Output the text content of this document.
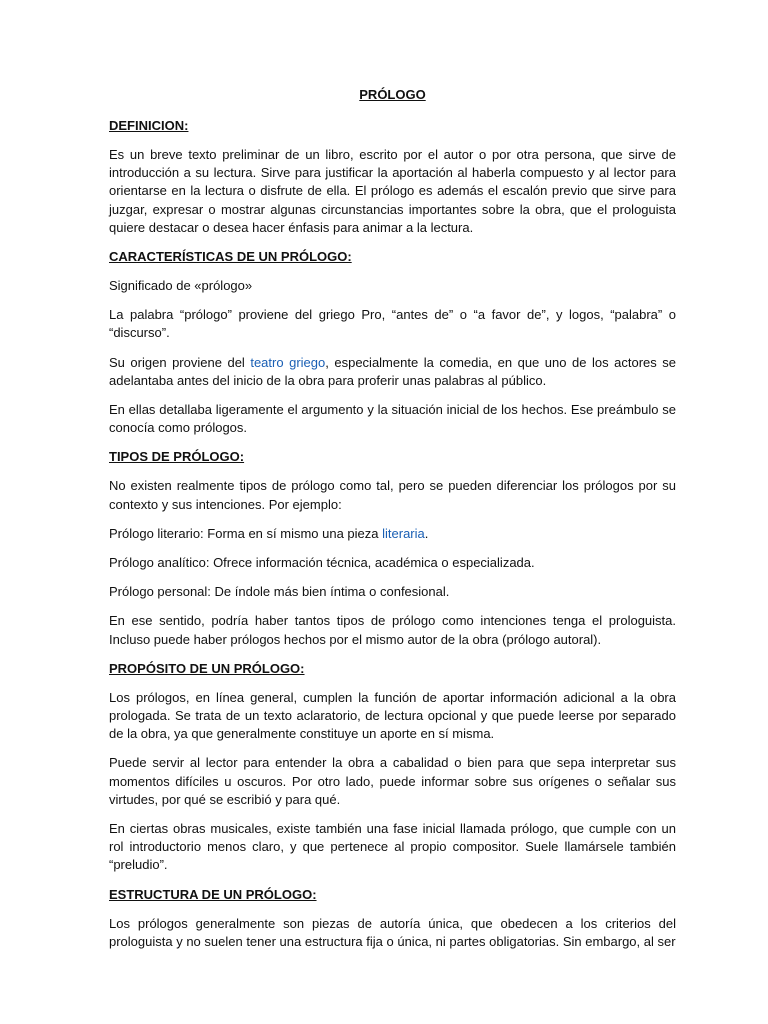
PRÓLOGO
DEFINICION:

Es un breve texto preliminar de un libro, escrito por el autor o por otra persona, que sirve de introducción a su lectura. Sirve para justificar la aportación al haberla compuesto y al lector para orientarse en la lectura o disfrute de ella. El prólogo es además el escalón previo que sirve para juzgar, expresar o mostrar algunas circunstancias importantes sobre la obra, que el prologuista quiere destacar o desea hacer énfasis para animar a la lectura.

CARACTERÍSTICAS DE UN PRÓLOGO:

Significado de «prólogo»

La palabra “prólogo” proviene del griego Pro, “antes de” o “a favor de”, y logos, “palabra” o “discurso”.

Su origen proviene del teatro griego, especialmente la comedia, en que uno de los actores se adelantaba antes del inicio de la obra para proferir unas palabras al público.

En ellas detallaba ligeramente el argumento y la situación inicial de los hechos. Ese preámbulo se conocía como prólogos.

TIPOS DE PRÓLOGO:

No existen realmente tipos de prólogo como tal, pero se pueden diferenciar los prólogos por su contexto y sus intenciones. Por ejemplo:

Prólogo literario: Forma en sí mismo una pieza literaria.

Prólogo analítico: Ofrece información técnica, académica o especializada.

Prólogo personal: De índole más bien íntima o confesional.

En ese sentido, podría haber tantos tipos de prólogo como intenciones tenga el prologuista. Incluso puede haber prólogos hechos por el mismo autor de la obra (prólogo autoral).

PROPÓSITO DE UN PRÓLOGO:

Los prólogos, en línea general, cumplen la función de aportar información adicional a la obra prologada. Se trata de un texto aclaratorio, de lectura opcional y que puede leerse por separado de la obra, ya que generalmente constituye un aporte en sí misma.

Puede servir al lector para entender la obra a cabalidad o bien para que sepa interpretar sus momentos difíciles u oscuros. Por otro lado, puede informar sobre sus orígenes o señalar sus virtudes, por qué se escribió y para qué.

En ciertas obras musicales, existe también una fase inicial llamada prólogo, que cumple con un rol introductorio menos claro, y que pertenece al propio compositor. Suele llamársele también “preludio”.

ESTRUCTURA DE UN PRÓLOGO:

Los prólogos generalmente son piezas de autoría única, que obedecen a los criterios del prologuista y no suelen tener una estructura fija o única, ni partes obligatorias. Sin embargo, al ser
